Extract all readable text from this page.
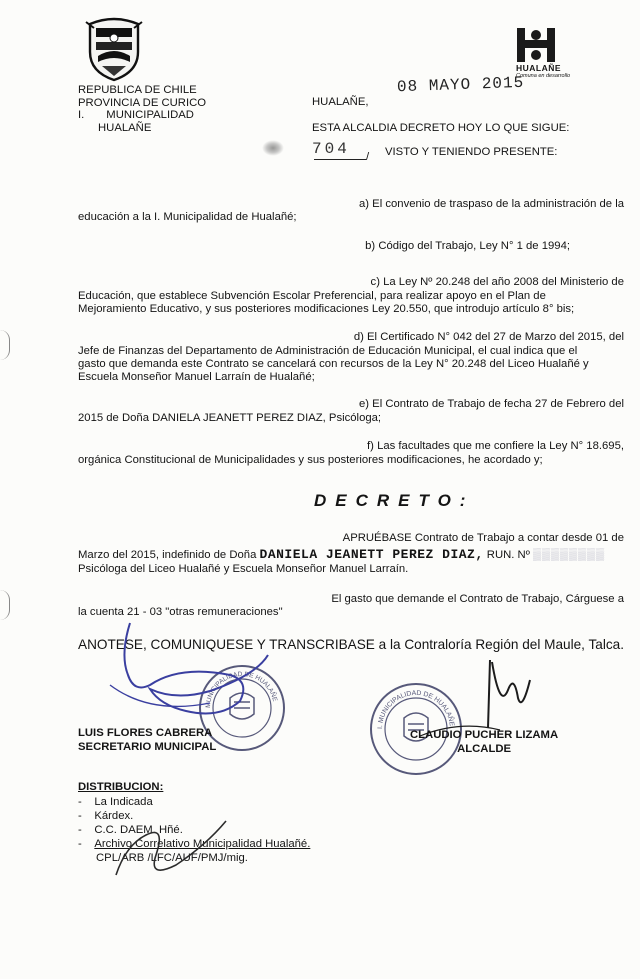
HUALAÑE
Comuna en desarrollo
REPUBLICA DE CHILE
PROVINCIA DE CURICO
I. MUNICIPALIDAD
HUALAÑE
HUALAÑE,
08 MAYO 2015
ESTA ALCALDIA DECRETO HOY LO QUE SIGUE:
704	/ VISTO Y TENIENDO PRESENTE:
a) El convenio de traspaso de la administración de la
educación a la I. Municipalidad de Hualañé;
b) Código del Trabajo, Ley N° 1 de 1994;
c) La Ley Nº 20.248 del año 2008 del Ministerio de
Educación, que establece Subvención Escolar Preferencial, para realizar apoyo en el Plan de
Mejoramiento Educativo, y sus posteriores modificaciones Ley 20.550, que introdujo artículo 8° bis;
d) El Certificado N° 042 del 27 de Marzo del 2015, del
Jefe de Finanzas del Departamento de Administración de Educación Municipal, el cual indica que el
gasto que demanda este Contrato se cancelará con recursos de la Ley N° 20.248 del Liceo Hualañé y
Escuela Monseñor Manuel Larraín de Hualañé;
e) El Contrato de Trabajo de fecha 27 de Febrero del
2015 de Doña DANIELA JEANETT PEREZ DIAZ, Psicóloga;
f) Las facultades que me confiere la Ley N° 18.695,
orgánica Constitucional de Municipalidades y sus posteriores modificaciones, he acordado y;
DECRETO:
APRUÉBASE Contrato de Trabajo a contar desde 01 de
Marzo del 2015, indefinido de Doña DANIELA JEANETT PEREZ DIAZ, RUN. Nº ▒▒▒▒▒▒▒▒
Psicóloga del Liceo Hualañé y Escuela Monseñor Manuel Larraín.
El gasto que demande el Contrato de Trabajo, Cárguese a
la cuenta 21 - 03 "otras remuneraciones"
ANOTESE, COMUNIQUESE Y TRANSCRIBASE a la Contraloría Región del Maule, Talca.
MUNICIPALIDAD DE HUALAÑE
I. MUNICIPALIDAD DE HUALAÑE
LUIS FLORES CABRERA
SECRETARIO MUNICIPAL
CLAUDIO PUCHER LIZAMA
ALCALDE
DISTRIBUCION:
-    La Indicada
-    Kárdex.
-    C.C. DAEM. Hñé.
-    Archivo Correlativo Municipalidad Hualañé.
CPL/ARB /LFC/AUF/PMJ/mig.
